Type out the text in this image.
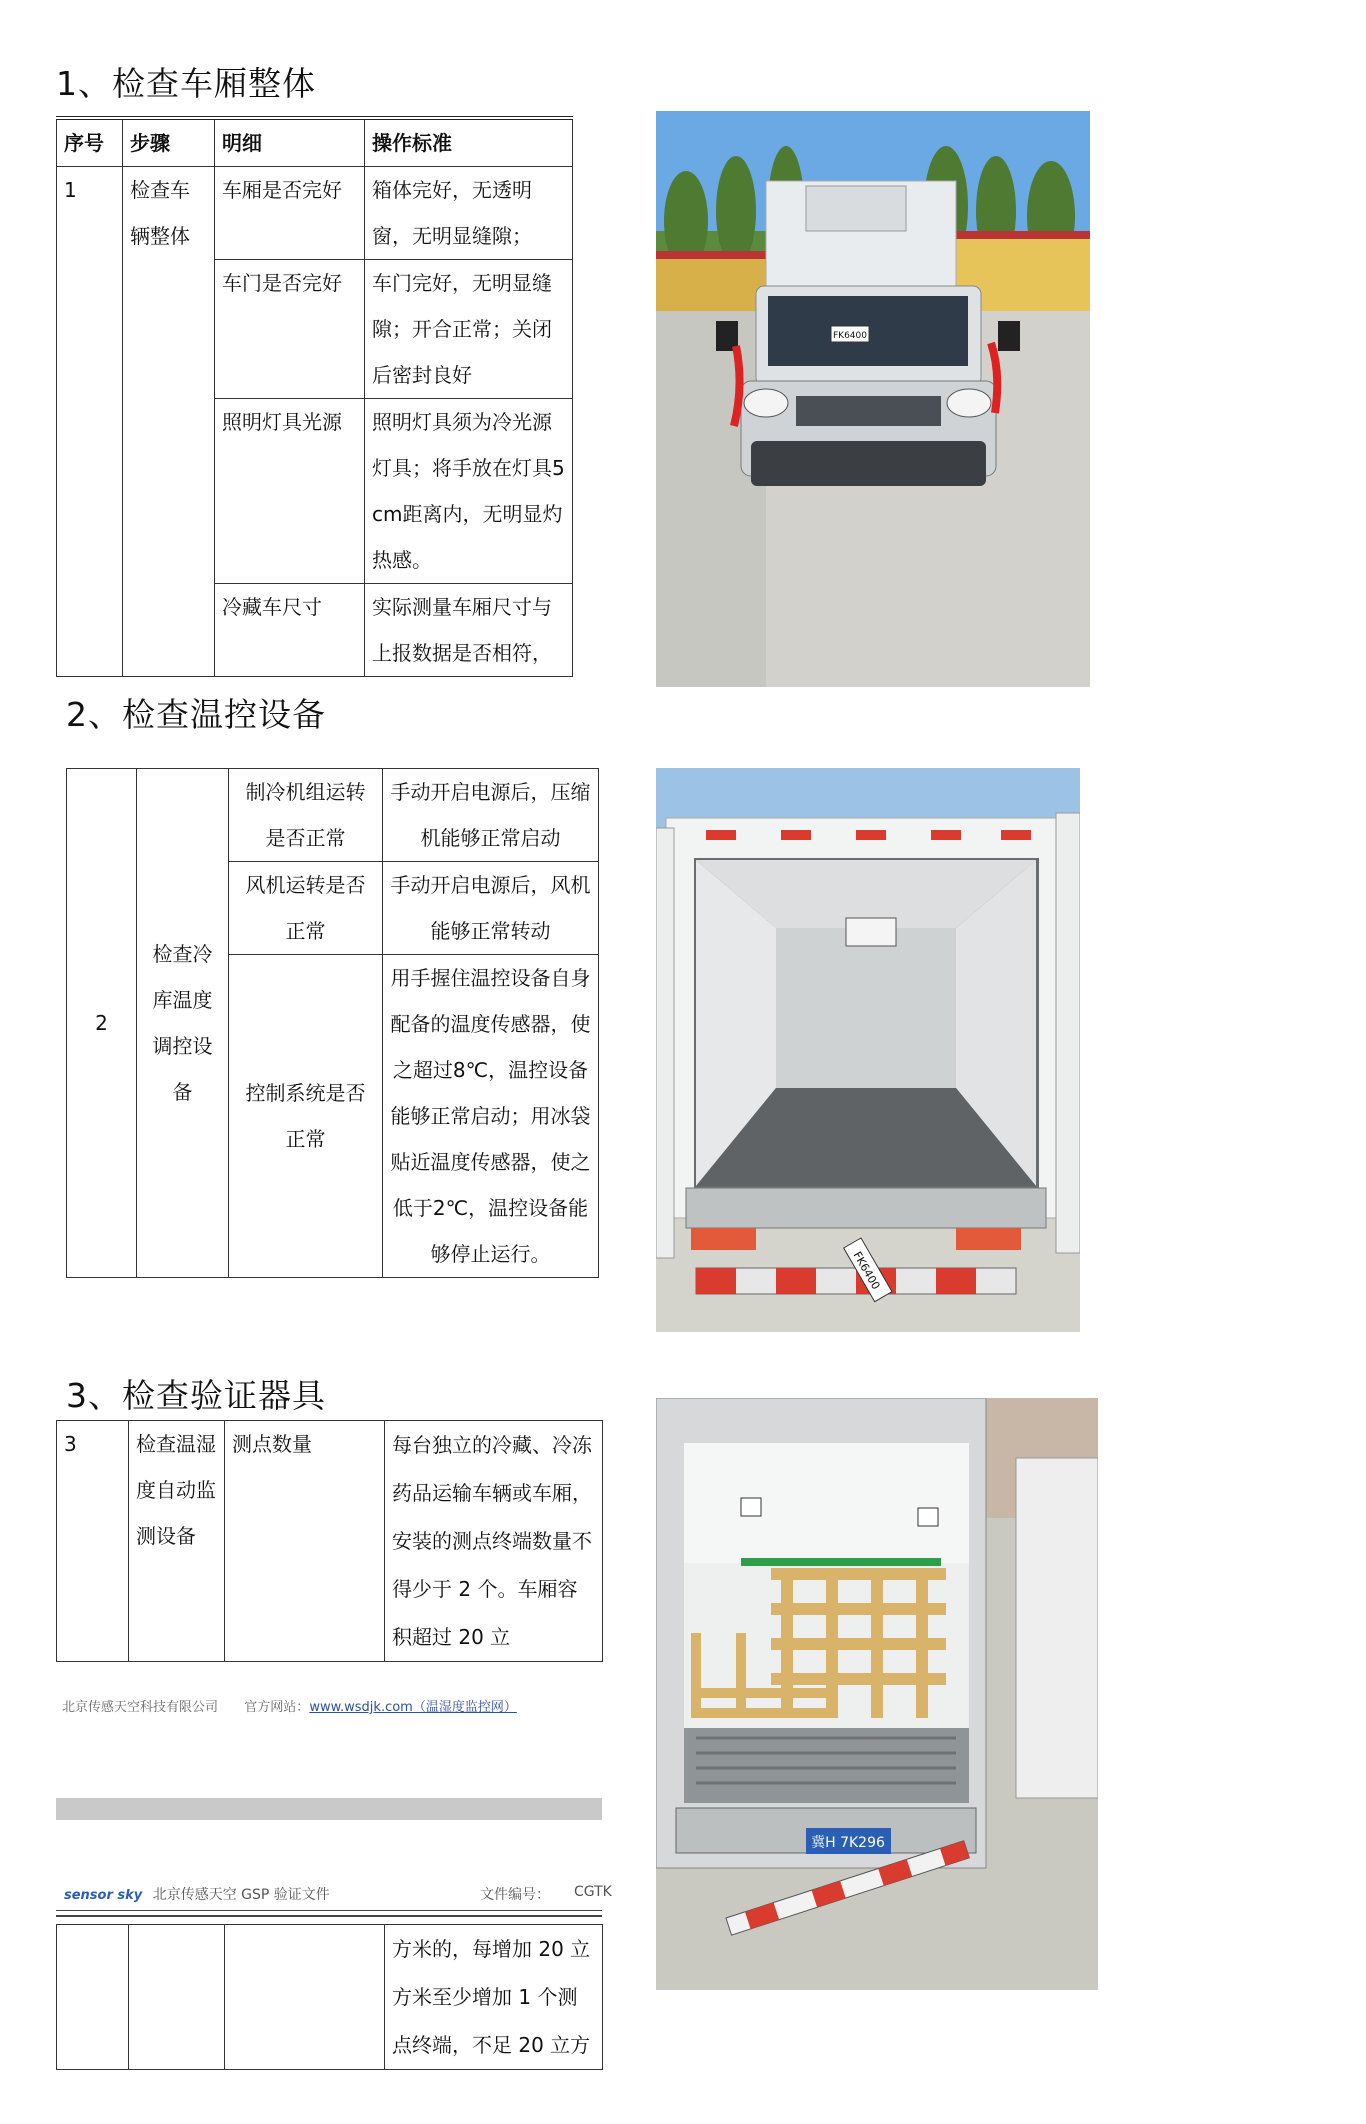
1、检查车厢整体
序号	步骤	明细	操作标准
1	检查车辆整体	车厢是否完好	箱体完好，无透明窗，无明显缝隙；
		车门是否完好	车门完好，无明显缝隙；开合正常；关闭后密封良好
		照明灯具光源	照明灯具须为冷光源灯具；将手放在灯具5cm距离内，无明显灼热感。
		冷藏车尺寸	实际测量车厢尺寸与上报数据是否相符，
FK6400
2、检查温控设备
2	检查冷库温度调控设备	制冷机组运转是否正常	手动开启电源后，压缩机能够正常启动
		风机运转是否正常	手动开启电源后，风机能够正常转动
		控制系统是否正常	用手握住温控设备自身配备的温度传感器，使之超过8℃，温控设备能够正常启动；用冰袋贴近温度传感器，使之低于2℃，温控设备能够停止运行。	FK6400
3、检查验证器具
3	检查温湿度自动监测设备	测点数量	每台独立的冷藏、冷冻药品运输车辆或车厢，安装的测点终端数量不得少于 2 个。车厢容积超过 20 立
北京传感天空科技有限公司 官方网站：www.wsdjk.com（温湿度监控网）
sensor sky 北京传感天空 GSP 验证文件	文件编号： CGTK
			方米的，每增加 20 立方米至少增加 1 个测点终端，不足 20 立方
冀H 7K296
